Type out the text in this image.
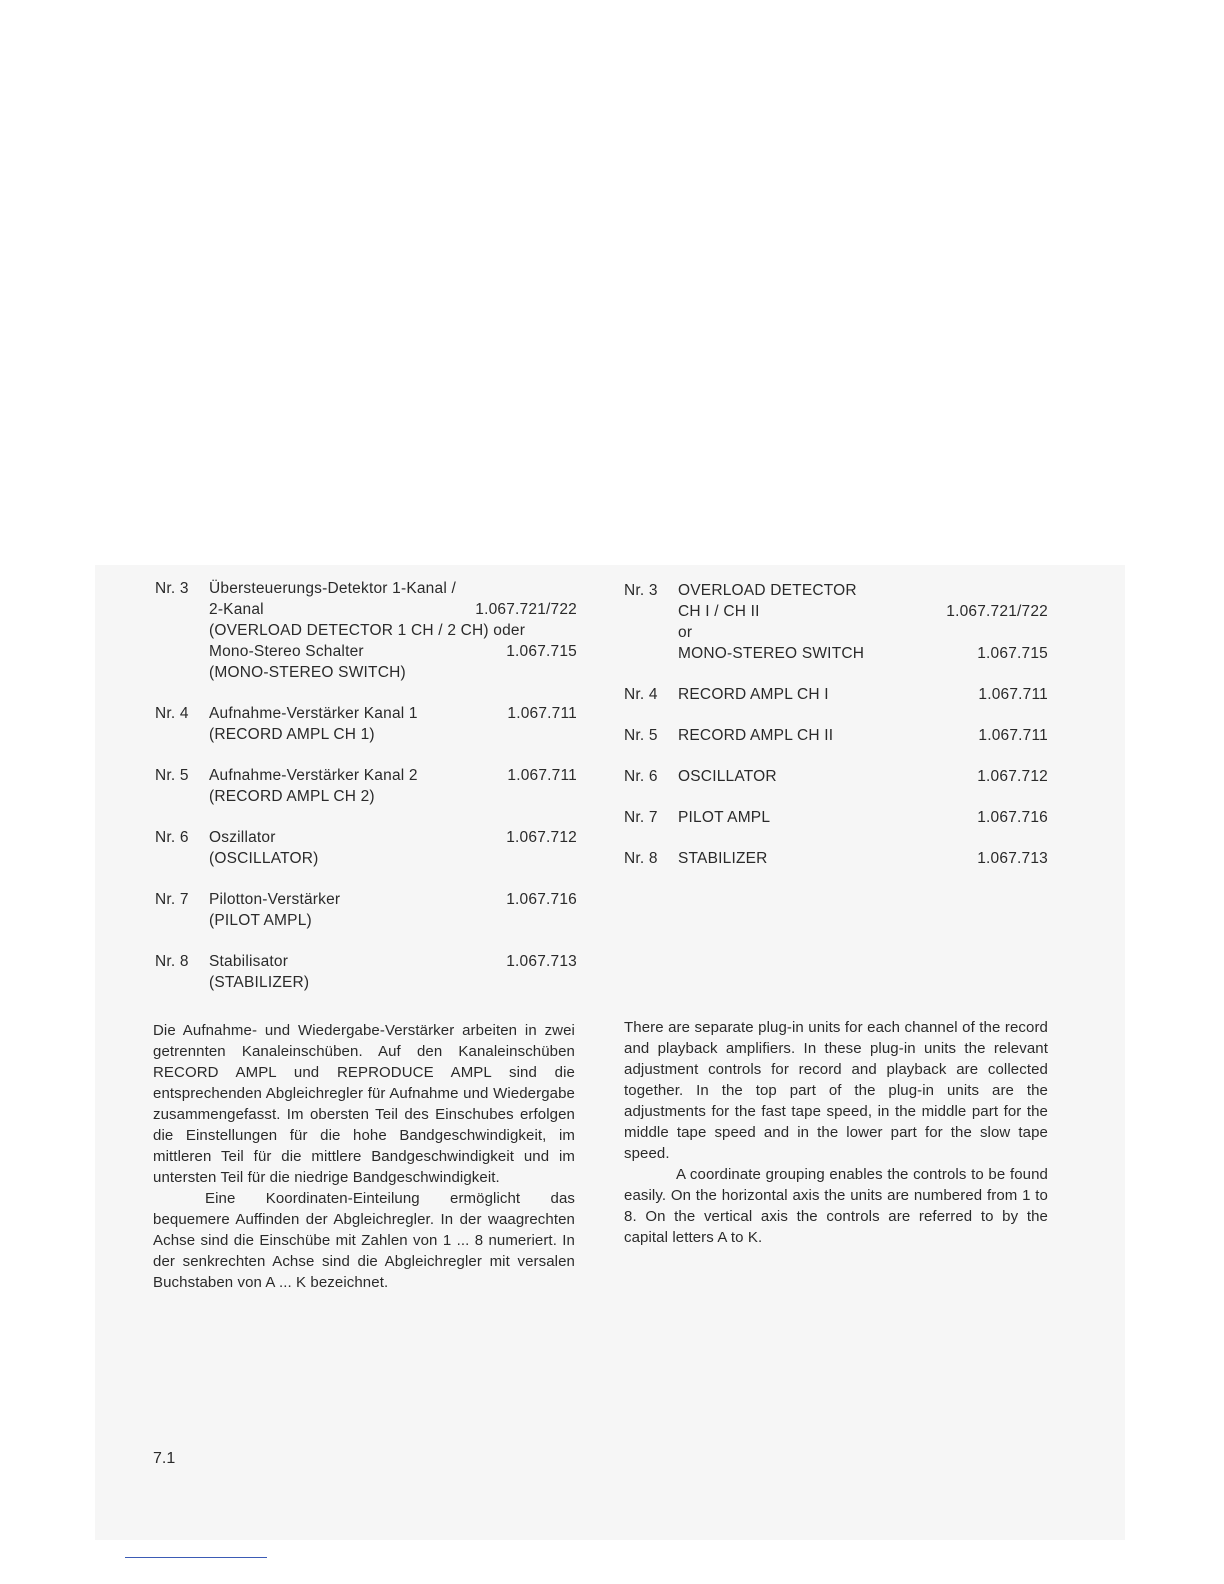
Nr. 3	Übersteuerungs-Detektor 1-Kanal /
2-Kanal	1.067.721/722
(OVERLOAD DETECTOR 1 CH / 2 CH) oder
Mono-Stereo Schalter	1.067.715
(MONO-STEREO SWITCH)
Nr. 4	Aufnahme-Verstärker Kanal 1	1.067.711
(RECORD AMPL CH 1)
Nr. 5	Aufnahme-Verstärker Kanal 2	1.067.711
(RECORD AMPL CH 2)
Nr. 6	Oszillator	1.067.712
(OSCILLATOR)
Nr. 7	Pilotton-Verstärker	1.067.716
(PILOT AMPL)
Nr. 8	Stabilisator	1.067.713
(STABILIZER)
Nr. 3	OVERLOAD DETECTOR
CH I / CH II	1.067.721/722
or
MONO-STEREO SWITCH	1.067.715
Nr. 4	RECORD AMPL CH I	1.067.711
Nr. 5	RECORD AMPL CH II	1.067.711
Nr. 6	OSCILLATOR	1.067.712
Nr. 7	PILOT AMPL	1.067.716
Nr. 8	STABILIZER	1.067.713

Die Aufnahme- und Wiedergabe-Verstärker arbeiten in zwei getrennten Kanaleinschüben. Auf den Kanaleinschüben RECORD AMPL und REPRODUCE AMPL sind die entsprechenden Abgleichregler für Aufnahme und Wiedergabe zusammengefasst. Im obersten Teil des Einschubes erfolgen die Einstellungen für die hohe Bandgeschwindigkeit, im mittleren Teil für die mittlere Bandgeschwindigkeit und im untersten Teil für die niedrige Bandgeschwindigkeit.

Eine Koordinaten-Einteilung ermöglicht das bequemere Auffinden der Abgleichregler. In der waagrechten Achse sind die Einschübe mit Zahlen von 1 ... 8 numeriert. In der senkrechten Achse sind die Abgleichregler mit versalen Buchstaben von A ... K bezeichnet.

There are separate plug-in units for each channel of the record and playback amplifiers. In these plug-in units the relevant adjustment controls for record and playback are collected together. In the top part of the plug-in units are the adjustments for the fast tape speed, in the middle part for the middle tape speed and in the lower part for the slow tape speed.

A coordinate grouping enables the controls to be found easily. On the horizontal axis the units are numbered from 1 to 8. On the vertical axis the controls are referred to by the capital letters A to K.

7.1
